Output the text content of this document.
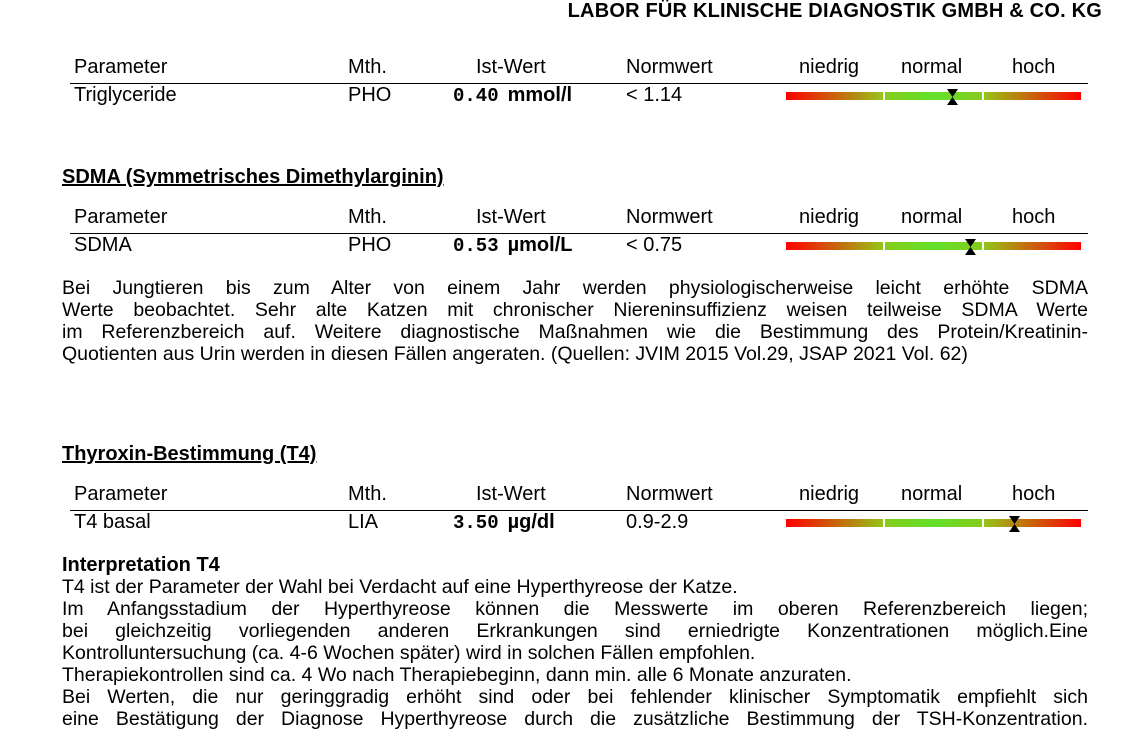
LABOR FÜR KLINISCHE DIAGNOSTIK GMBH & CO. KG
Parameter	Mth.	Ist-Wert	Normwert	niedrig normal hoch
Triglyceride	PHO	0.40 mmol/l	< 1.14
SDMA (Symmetrisches Dimethylarginin)
Parameter	Mth.	Ist-Wert	Normwert	niedrig normal hoch
SDMA	PHO	0.53 µmol/L	< 0.75
Bei Jungtieren bis zum Alter von einem Jahr werden physiologischerweise leicht erhöhte SDMA
Werte beobachtet. Sehr alte Katzen mit chronischer Niereninsuffizienz weisen teilweise SDMA Werte
im Referenzbereich auf. Weitere diagnostische Maßnahmen wie die Bestimmung des Protein/Kreatinin-
Quotienten aus Urin werden in diesen Fällen angeraten. (Quellen: JVIM 2015 Vol.29, JSAP 2021 Vol. 62)
Thyroxin-Bestimmung (T4)
Parameter	Mth.	Ist-Wert	Normwert	niedrig normal hoch
T4 basal	LIA	3.50 µg/dl	0.9-2.9
Interpretation T4
T4 ist der Parameter der Wahl bei Verdacht auf eine Hyperthyreose der Katze.
Im Anfangsstadium der Hyperthyreose können die Messwerte im oberen Referenzbereich liegen;
bei gleichzeitig vorliegenden anderen Erkrankungen sind erniedrigte Konzentrationen möglich.Eine
Kontrolluntersuchung (ca. 4-6 Wochen später) wird in solchen Fällen empfohlen.
Therapiekontrollen sind ca. 4 Wo nach Therapiebeginn, dann min. alle 6 Monate anzuraten.
Bei Werten, die nur geringgradig erhöht sind oder bei fehlender klinischer Symptomatik empfiehlt sich
eine Bestätigung der Diagnose Hyperthyreose durch die zusätzliche Bestimmung der TSH-Konzentration.
